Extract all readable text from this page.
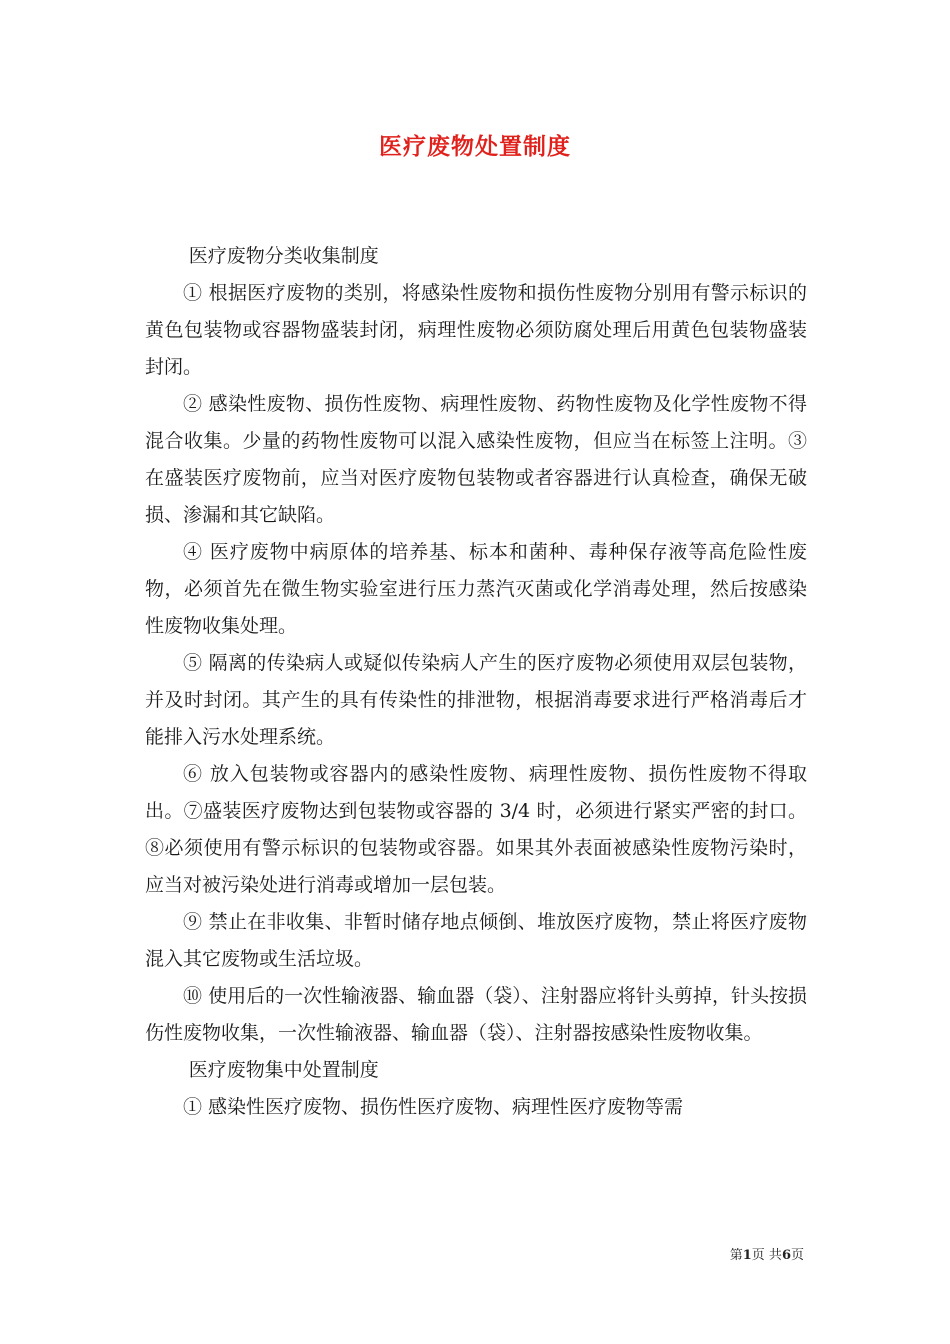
医疗废物处置制度

医疗废物分类收集制度

① 根据医疗废物的类别，将感染性废物和损伤性废物分别用有警示标识的黄色包装物或容器物盛装封闭，病理性废物必须防腐处理后用黄色包装物盛装封闭。

② 感染性废物、损伤性废物、病理性废物、药物性废物及化学性废物不得混合收集。少量的药物性废物可以混入感染性废物，但应当在标签上注明。③在盛装医疗废物前，应当对医疗废物包装物或者容器进行认真检查，确保无破损、渗漏和其它缺陷。

④ 医疗废物中病原体的培养基、标本和菌种、毒种保存液等高危险性废物，必须首先在微生物实验室进行压力蒸汽灭菌或化学消毒处理，然后按感染性废物收集处理。

⑤ 隔离的传染病人或疑似传染病人产生的医疗废物必须使用双层包装物，并及时封闭。其产生的具有传染性的排泄物，根据消毒要求进行严格消毒后才能排入污水处理系统。

⑥ 放入包装物或容器内的感染性废物、病理性废物、损伤性废物不得取出。⑦盛装医疗废物达到包装物或容器的 3/4 时，必须进行紧实严密的封口。⑧必须使用有警示标识的包装物或容器。如果其外表面被感染性废物污染时，应当对被污染处进行消毒或增加一层包装。

⑨ 禁止在非收集、非暂时储存地点倾倒、堆放医疗废物，禁止将医疗废物混入其它废物或生活垃圾。

⑩ 使用后的一次性输液器、输血器（袋）、注射器应将针头剪掉，针头按损伤性废物收集，一次性输液器、输血器（袋）、注射器按感染性废物收集。

医疗废物集中处置制度

① 感染性医疗废物、损伤性医疗废物、病理性医疗废物等需

第1页 共6页
